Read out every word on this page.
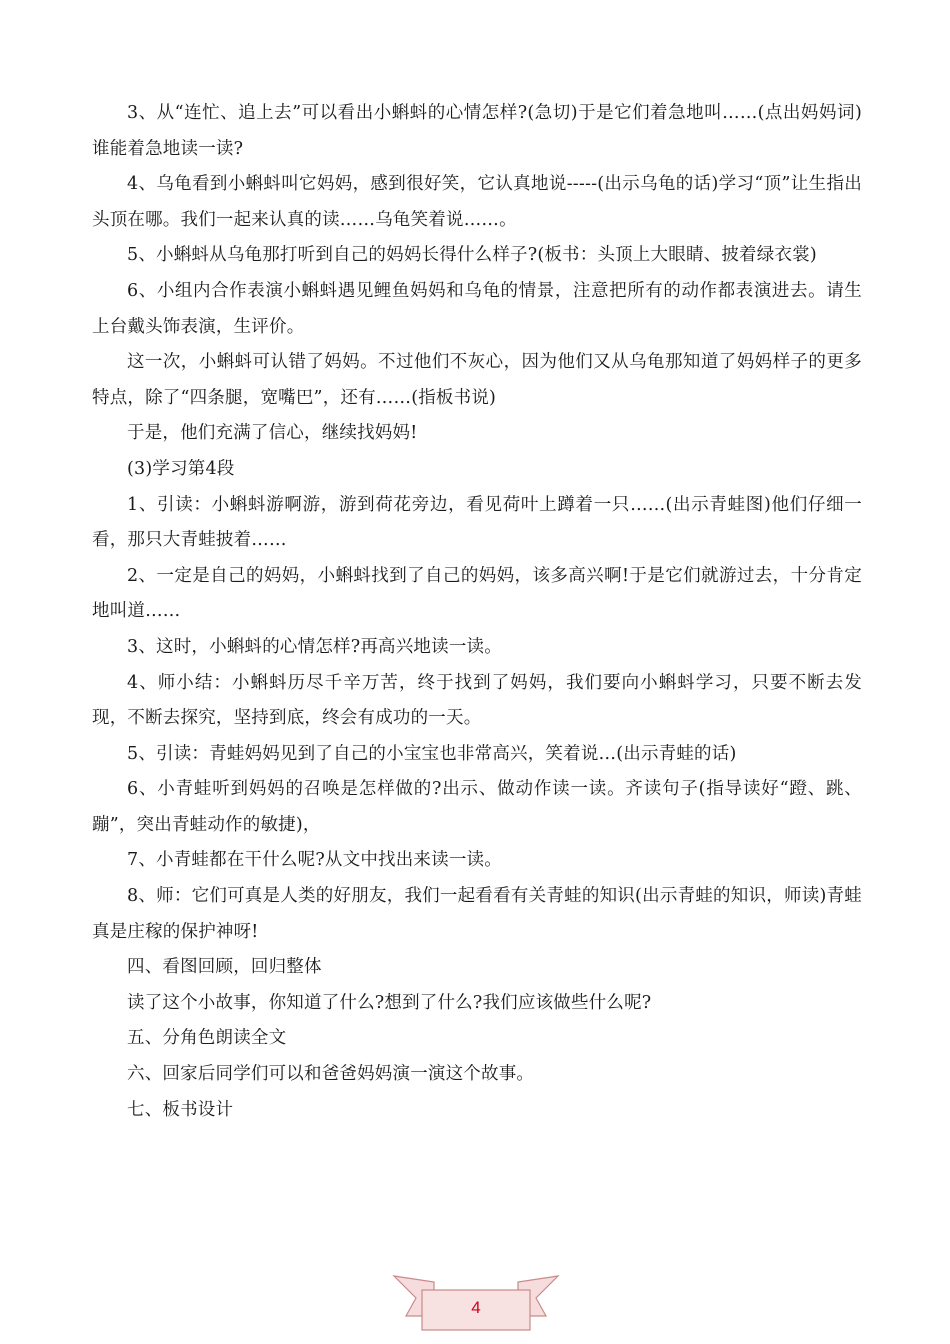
3、从“连忙、追上去”可以看出小蝌蚪的心情怎样?(急切)于是它们着急地叫……(点出妈妈词)谁能着急地读一读?

4、乌龟看到小蝌蚪叫它妈妈，感到很好笑，它认真地说-----(出示乌龟的话)学习“顶”让生指出头顶在哪。我们一起来认真的读……乌龟笑着说……。

5、小蝌蚪从乌龟那打听到自己的妈妈长得什么样子?(板书：头顶上大眼睛、披着绿衣裳)

6、小组内合作表演小蝌蚪遇见鲤鱼妈妈和乌龟的情景，注意把所有的动作都表演进去。请生上台戴头饰表演，生评价。

这一次，小蝌蚪可认错了妈妈。不过他们不灰心，因为他们又从乌龟那知道了妈妈样子的更多特点，除了“四条腿，宽嘴巴”，还有……(指板书说)

于是，他们充满了信心，继续找妈妈!

(3)学习第4段

1、引读：小蝌蚪游啊游，游到荷花旁边，看见荷叶上蹲着一只……(出示青蛙图)他们仔细一看，那只大青蛙披着……

2、一定是自己的妈妈，小蝌蚪找到了自己的妈妈，该多高兴啊!于是它们就游过去，十分肯定地叫道……

3、这时，小蝌蚪的心情怎样?再高兴地读一读。

4、师小结：小蝌蚪历尽千辛万苦，终于找到了妈妈，我们要向小蝌蚪学习，只要不断去发现，不断去探究，坚持到底，终会有成功的一天。

5、引读：青蛙妈妈见到了自己的小宝宝也非常高兴，笑着说…(出示青蛙的话)

6、小青蛙听到妈妈的召唤是怎样做的?出示、做动作读一读。齐读句子(指导读好“蹬、跳、蹦”，突出青蛙动作的敏捷)，

7、小青蛙都在干什么呢?从文中找出来读一读。

8、师：它们可真是人类的好朋友，我们一起看看有关青蛙的知识(出示青蛙的知识，师读)青蛙真是庄稼的保护神呀!

四、看图回顾，回归整体

读了这个小故事，你知道了什么?想到了什么?我们应该做些什么呢?

五、分角色朗读全文

六、回家后同学们可以和爸爸妈妈演一演这个故事。

七、板书设计

4
